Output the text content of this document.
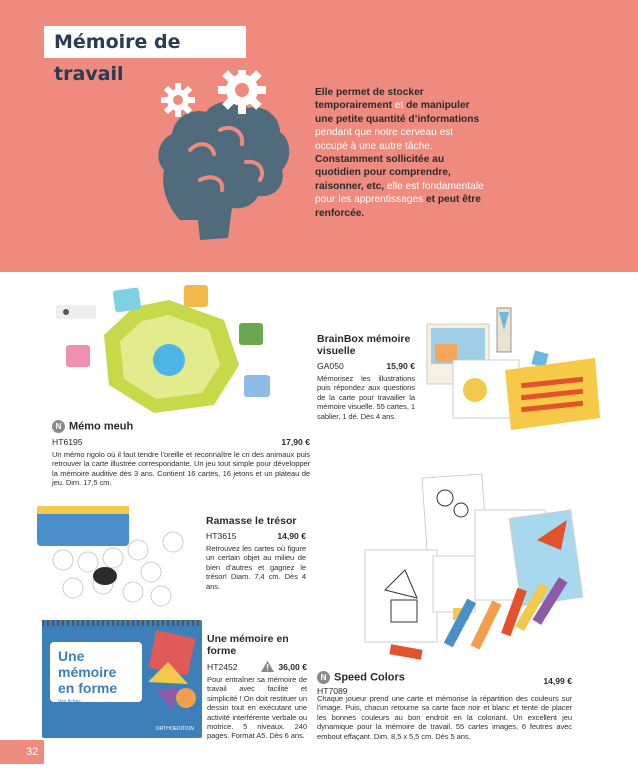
Mémoire de travail
Elle permet de stocker temporairement et de manipuler une petite quantité d’informations pendant que notre cerveau est occupé à une autre tâche. Constamment sollicitée au quotidien pour comprendre, raisonner, etc, elle est fondamentale pour les apprentissages et peut être renforcée.
N Mémo meuh
HT6195	17,90 €
Un mémo rigolo où il faut tendre l’oreille et reconnaître le cri des animaux puis retrouver la carte illustrée correspondante. Un jeu tout simple pour développer la mémoire auditive dès 3 ans. Contient 16 cartes, 16 jetons et un plateau de jeu. Dim. 17,5 cm.
BrainBox mémoire visuelle
GA050	15,90 €
Mémorisez les illustrations puis répondez aux questions de la carte pour travailler la mémoire visuelle. 55 cartes, 1 sablier, 1 dé. Dès 4 ans.
Ramasse le trésor
HT3615	14,90 €
Retrouvez les cartes où figure un certain objet au milieu de bien d’autres et gagnez le trésor! Diam. 7,4 cm. Dès 4 ans.
Une mémoire en forme
Vos fiches...
ORTHOEDITION
Une mémoire en forme
HT2452	36,00 €
Pour entraîner sa mémoire de travail avec facilité et simplicité ! On doit restituer un dessin tout en exécutant une activité interférente verbale ou motrice. 5 niveaux. 240 pages. Format A5. Dès 6 ans.
N Speed Colors
HT7089
14,99 €
Chaque joueur prend une carte et mémorise la répartition des couleurs sur l’image. Puis, chacun retourne sa carte face noir et blanc et tente de placer les bonnes couleurs au bon endroit en la coloriant. Un excellent jeu dynamique pour la mémoire de travail. 55 cartes images, 6 feutres avec embout effaçant. Dim. 8,5 x 5,5 cm. Dès 5 ans.
32
